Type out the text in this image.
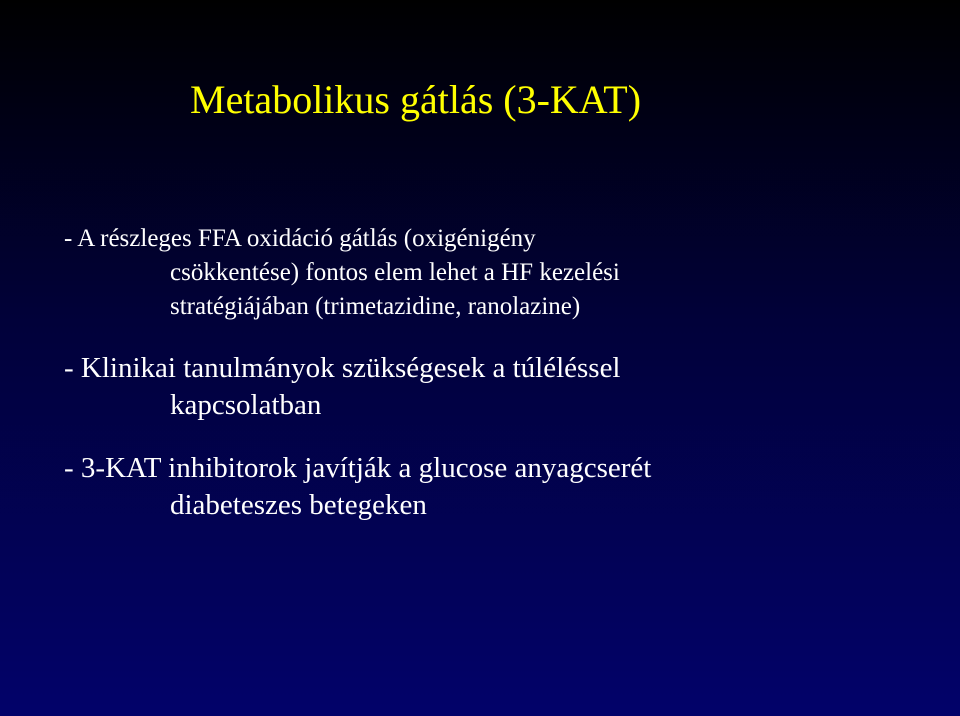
Metabolikus gátlás (3-KAT)
- A részleges FFA oxidáció gátlás (oxigénigény
csökkentése) fontos elem lehet a HF kezelési
stratégiájában (trimetazidine, ranolazine)
- Klinikai tanulmányok szükségesek a túléléssel
kapcsolatban
- 3-KAT inhibitorok javítják a glucose anyagcserét
diabeteszes betegeken
